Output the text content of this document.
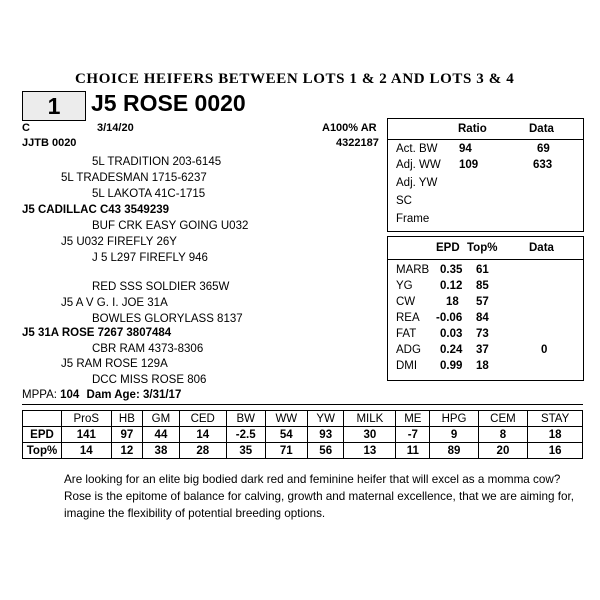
CHOICE HEIFERS BETWEEN LOTS 1 & 2 AND LOTS 3 & 4
1	J5 ROSE 0020
C	3/14/20	A100% AR
JJTB 0020	4322187
5L TRADITION 203-6145
5L TRADESMAN 1715-6237
5L LAKOTA 41C-1715
J5 CADILLAC C43 3549239
BUF CRK EASY GOING U032
J5 U032 FIREFLY 26Y
J 5 L297 FIREFLY 946
RED SSS SOLDIER 365W
J5 A V G. I. JOE 31A
BOWLES GLORYLASS 8137
J5 31A ROSE 7267 3807484
CBR RAM 4373-8306
J5 RAM ROSE 129A
DCC MISS ROSE 806
MPPA: 104 Dam Age: 3/31/17
Ratio	Data
Act. BW 94	69
Adj. WW 109	633
Adj. YW
SC
Frame
EPD Top%	Data
MARB 0.35 61
YG 0.12 85
CW	18 57
REA -0.06 84
FAT 0.03 73
ADG 0.24 37	0
DMI 0.99 18
	ProS	HB	GM	CED	BW	WW	YW	MILK	ME	HPG	CEM	STAY
EPD	141	97	44	14	-2.5	54	93	30	-7	9	8	18
Top%	14	12	38	28	35	71	56	13	11	89	20	16
Are looking for an elite big bodied dark red and feminine heifer that will excel as a momma cow? Rose is the epitome of balance for calving, growth and maternal excellence, that we are aiming for, imagine the flexibility of potential breeding options.
